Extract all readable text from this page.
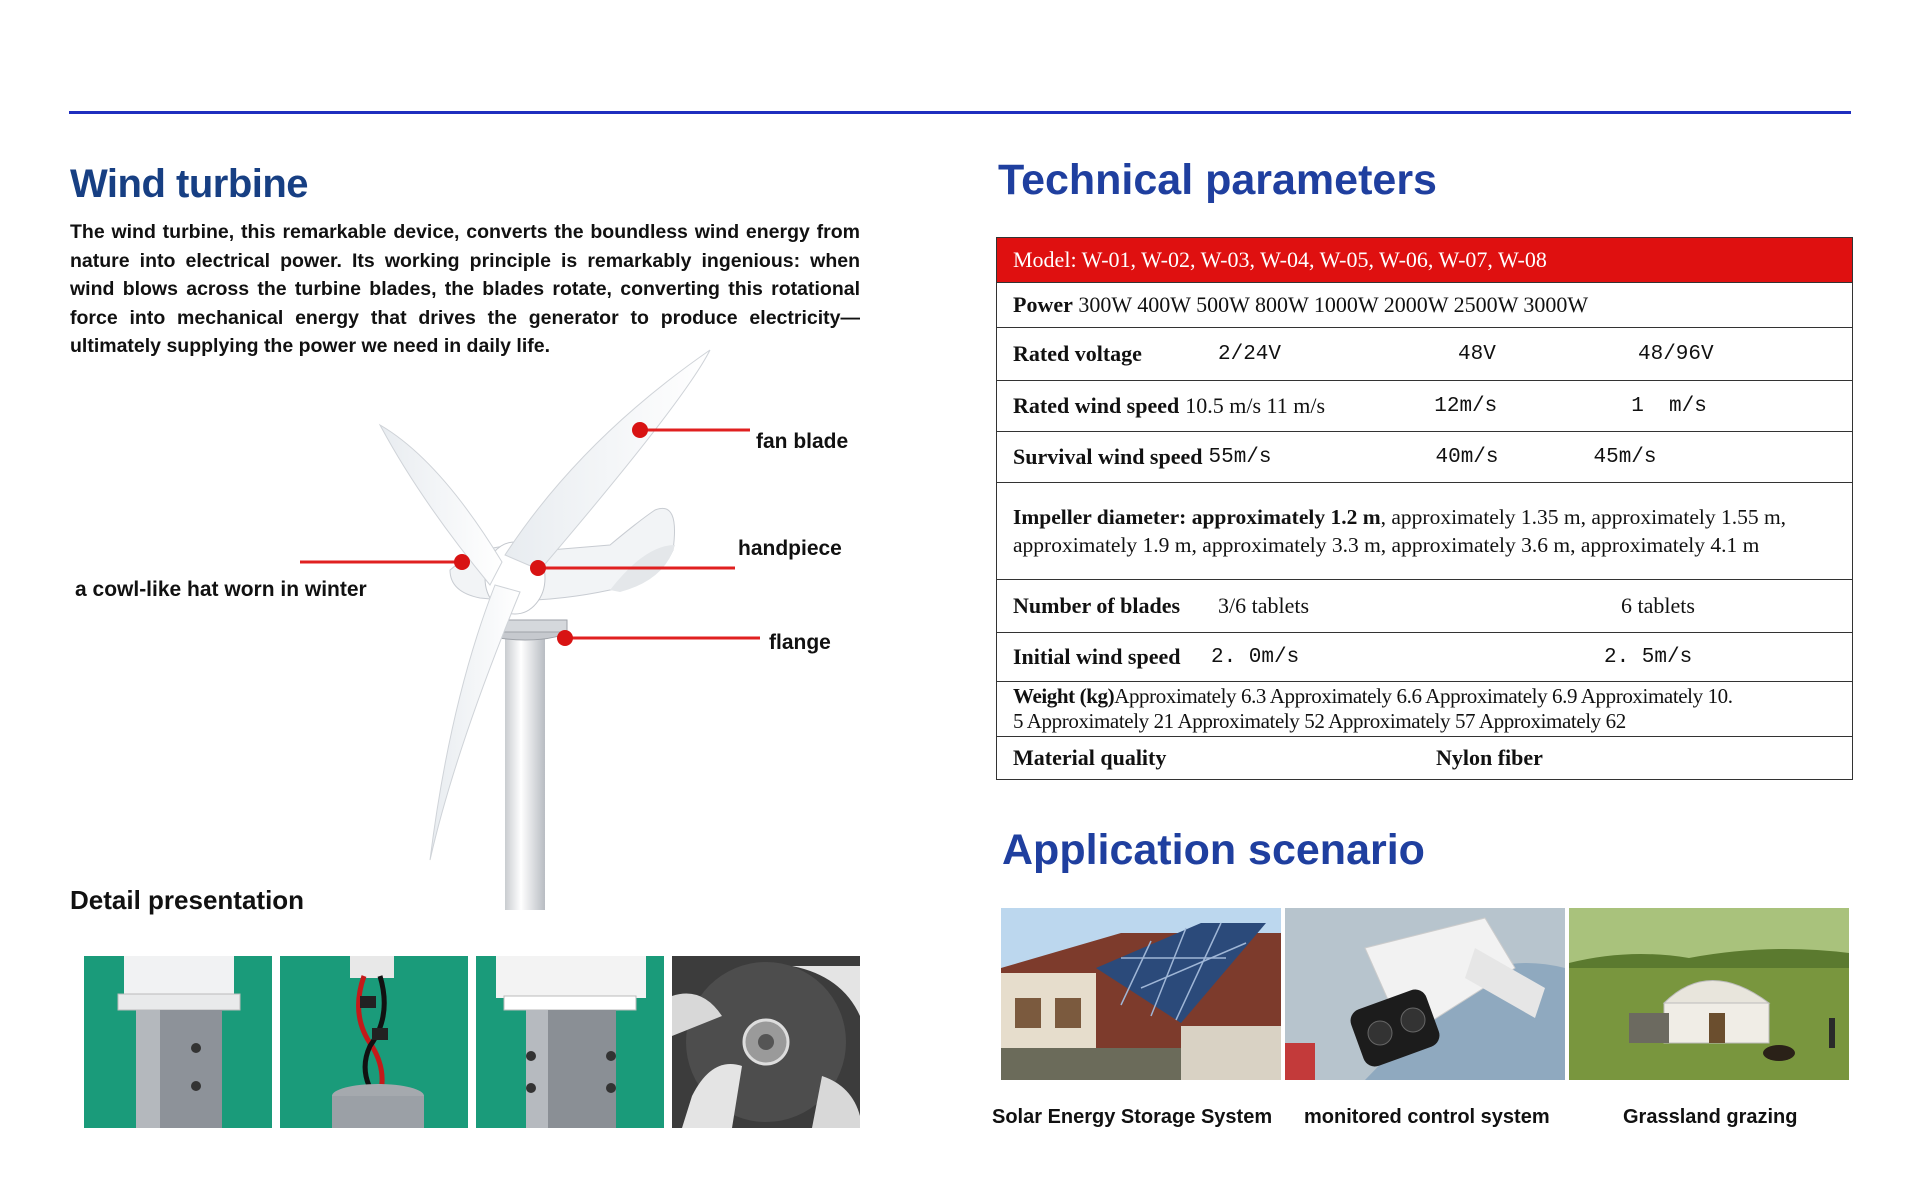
Wind turbine

The wind turbine, this remarkable device, converts the boundless wind energy from nature into electrical power. Its working principle is remarkably ingenious: when wind blows across the turbine blades, the blades rotate, converting this rotational force into mechanical energy that drives the generator to produce electricity—ultimately supplying the power we need in daily life.

fan blade
handpiece
flange
a cowl-like hat worn in winter
Detail presentation
Technical parameters
Model: W-01, W-02, W-03, W-04, W-05, W-06, W-07, W-08
Power 300W 400W 500W 800W 1000W 2000W 2500W 3000W

Rated voltage	2/24V	48V	48/96V

Rated wind speed 10.5 m/s 11 m/s	12m/s	1  m/s

Survival wind speed 55m/s	40m/s	45m/s

Impeller diameter: approximately 1.2 m, approximately 1.35 m, approximately 1.55 m,
approximately 1.9 m, approximately 3.3 m, approximately 3.6 m, approximately 4.1 m

Number of blades	3/6 tablets	6 tablets

Initial wind speed	2. 0m/s	2. 5m/s

Weight (kg)Approximately 6.3 Approximately 6.6 Approximately 6.9 Approximately 10.
5 Approximately 21 Approximately 52 Approximately 57 Approximately 62

Material quality	Nylon fiber
Application scenario
Solar Energy Storage System monitored control system	Grassland grazing
